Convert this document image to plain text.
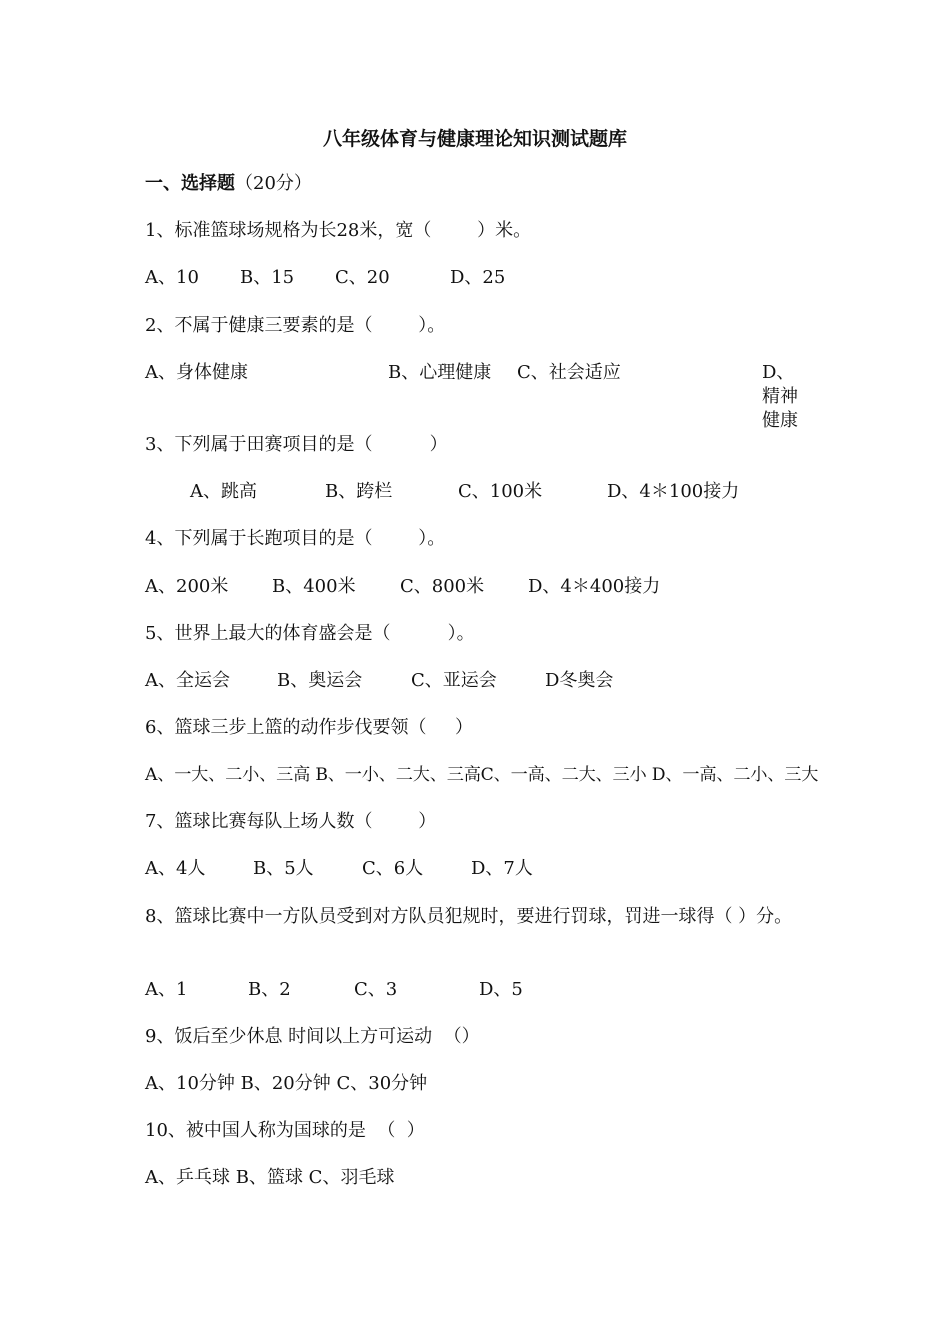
八年级体育与健康理论知识测试题库
一、选择题（20分）
1、标准篮球场规格为长28米，宽（        ）米。
A、10 B、15 C、20	D、25
2、不属于健康三要素的是（        ）。
A、身体健康	B、心理健康 C、社会适应	D、精神健康
3、下列属于田赛项目的是（          ）
A、跳高	B、跨栏	C、100米	D、4＊100接力
4、下列属于长跑项目的是（        ）。
A、200米 B、400米 C、800米 D、4＊400接力
5、世界上最大的体育盛会是（          ）。
A、全运会	B、奥运会	C、亚运会	D冬奥会
6、篮球三步上篮的动作步伐要领（     ）
A、一大、二小、三高 B、一小、二大、三高C、一高、二大、三小 D、一高、二小、三大
7、篮球比赛每队上场人数（        ）
A、4人	B、5人	C、6人	D、7人
8、篮球比赛中一方队员受到对方队员犯规时，要进行罚球，罚进一球得（ ）分。
A、1	B、2	C、3	D、5
9、饭后至少休息 时间以上方可运动  （）
A、10分钟 B、20分钟 C、30分钟
10、被中国人称为国球的是  （  ）
A、乒乓球 B、篮球 C、羽毛球
